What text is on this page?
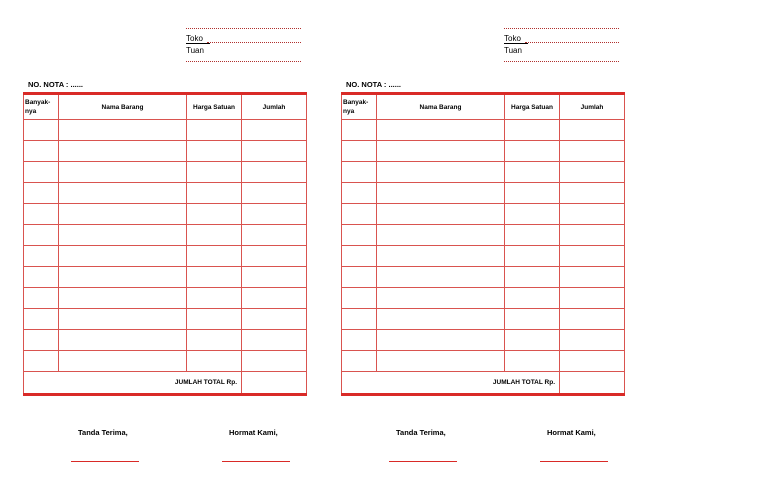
Toko
Tuan
NO. NOTA : ......
Banyak-nya	Nama Barang	Harga Satuan	Jumlah

JUMLAH TOTAL Rp.			
Tanda Terima,	Hormat Kami,
Toko
Tuan
NO. NOTA : ......
Banyak-nya	Nama Barang	Harga Satuan	Jumlah

JUMLAH TOTAL Rp.			
Tanda Terima,	Hormat Kami,
